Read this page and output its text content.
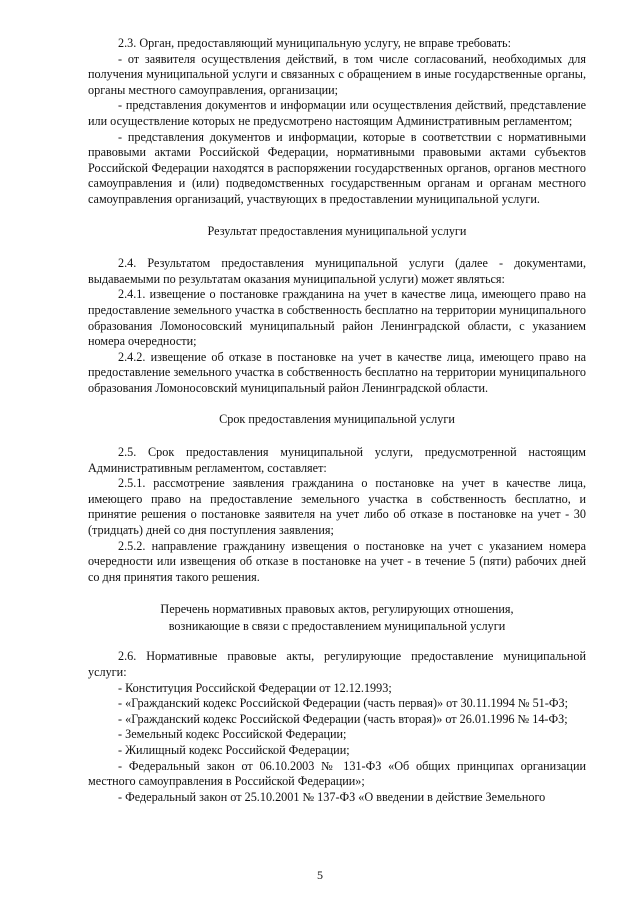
2.3. Орган, предоставляющий муниципальную услугу, не вправе требовать:

- от заявителя осуществления действий, в том числе согласований, необходимых для получения муниципальной услуги и связанных с обращением в иные государственные органы, органы местного самоуправления, организации;

- представления документов и информации или осуществления действий, представление или осуществление которых не предусмотрено настоящим Административным регламентом;

- представления документов и информации, которые в соответствии с нормативными правовыми актами Российской Федерации, нормативными правовыми актами субъектов Российской Федерации находятся в распоряжении государственных органов, органов местного самоуправления и (или) подведомственных государственным органам и органам местного самоуправления организаций, участвующих в предоставлении муниципальной услуги.

Результат предоставления муниципальной услуги

2.4. Результатом предоставления муниципальной услуги (далее - документами, выдаваемыми по результатам оказания муниципальной услуги) может являться:

2.4.1. извещение о постановке гражданина на учет в качестве лица, имеющего право на предоставление земельного участка в собственность бесплатно на территории муниципального образования Ломоносовский муниципальный район Ленинградской области, с указанием номера очередности;

2.4.2. извещение об отказе в постановке на учет в качестве лица, имеющего право на предоставление земельного участка в собственность бесплатно на территории муниципального образования Ломоносовский муниципальный район Ленинградской области.

Срок предоставления муниципальной услуги

2.5. Срок предоставления муниципальной услуги, предусмотренной настоящим Административным регламентом, составляет:

2.5.1. рассмотрение заявления гражданина о постановке на учет в качестве лица, имеющего право на предоставление земельного участка в собственность бесплатно, и принятие решения о постановке заявителя на учет либо об отказе в постановке на учет - 30 (тридцать) дней со дня поступления заявления;

2.5.2. направление гражданину извещения о постановке на учет с указанием номера очередности или извещения об отказе в постановке на учет - в течение 5 (пяти) рабочих дней со дня принятия такого решения.

Перечень нормативных правовых актов, регулирующих отношения,
возникающие в связи с предоставлением муниципальной услуги

2.6. Нормативные правовые акты, регулирующие предоставление муниципальной услуги:

- Конституция Российской Федерации от 12.12.1993;

- «Гражданский кодекс Российской Федерации (часть первая)» от 30.11.1994 № 51-ФЗ;

- «Гражданский кодекс Российской Федерации (часть вторая)» от 26.01.1996 № 14-ФЗ;

- Земельный кодекс Российской Федерации;

- Жилищный кодекс Российской Федерации;

- Федеральный закон от 06.10.2003 № 131-ФЗ «Об общих принципах организации местного самоуправления в Российской Федерации»;

- Федеральный закон от 25.10.2001 № 137-ФЗ «О введении в действие Земельного

5
